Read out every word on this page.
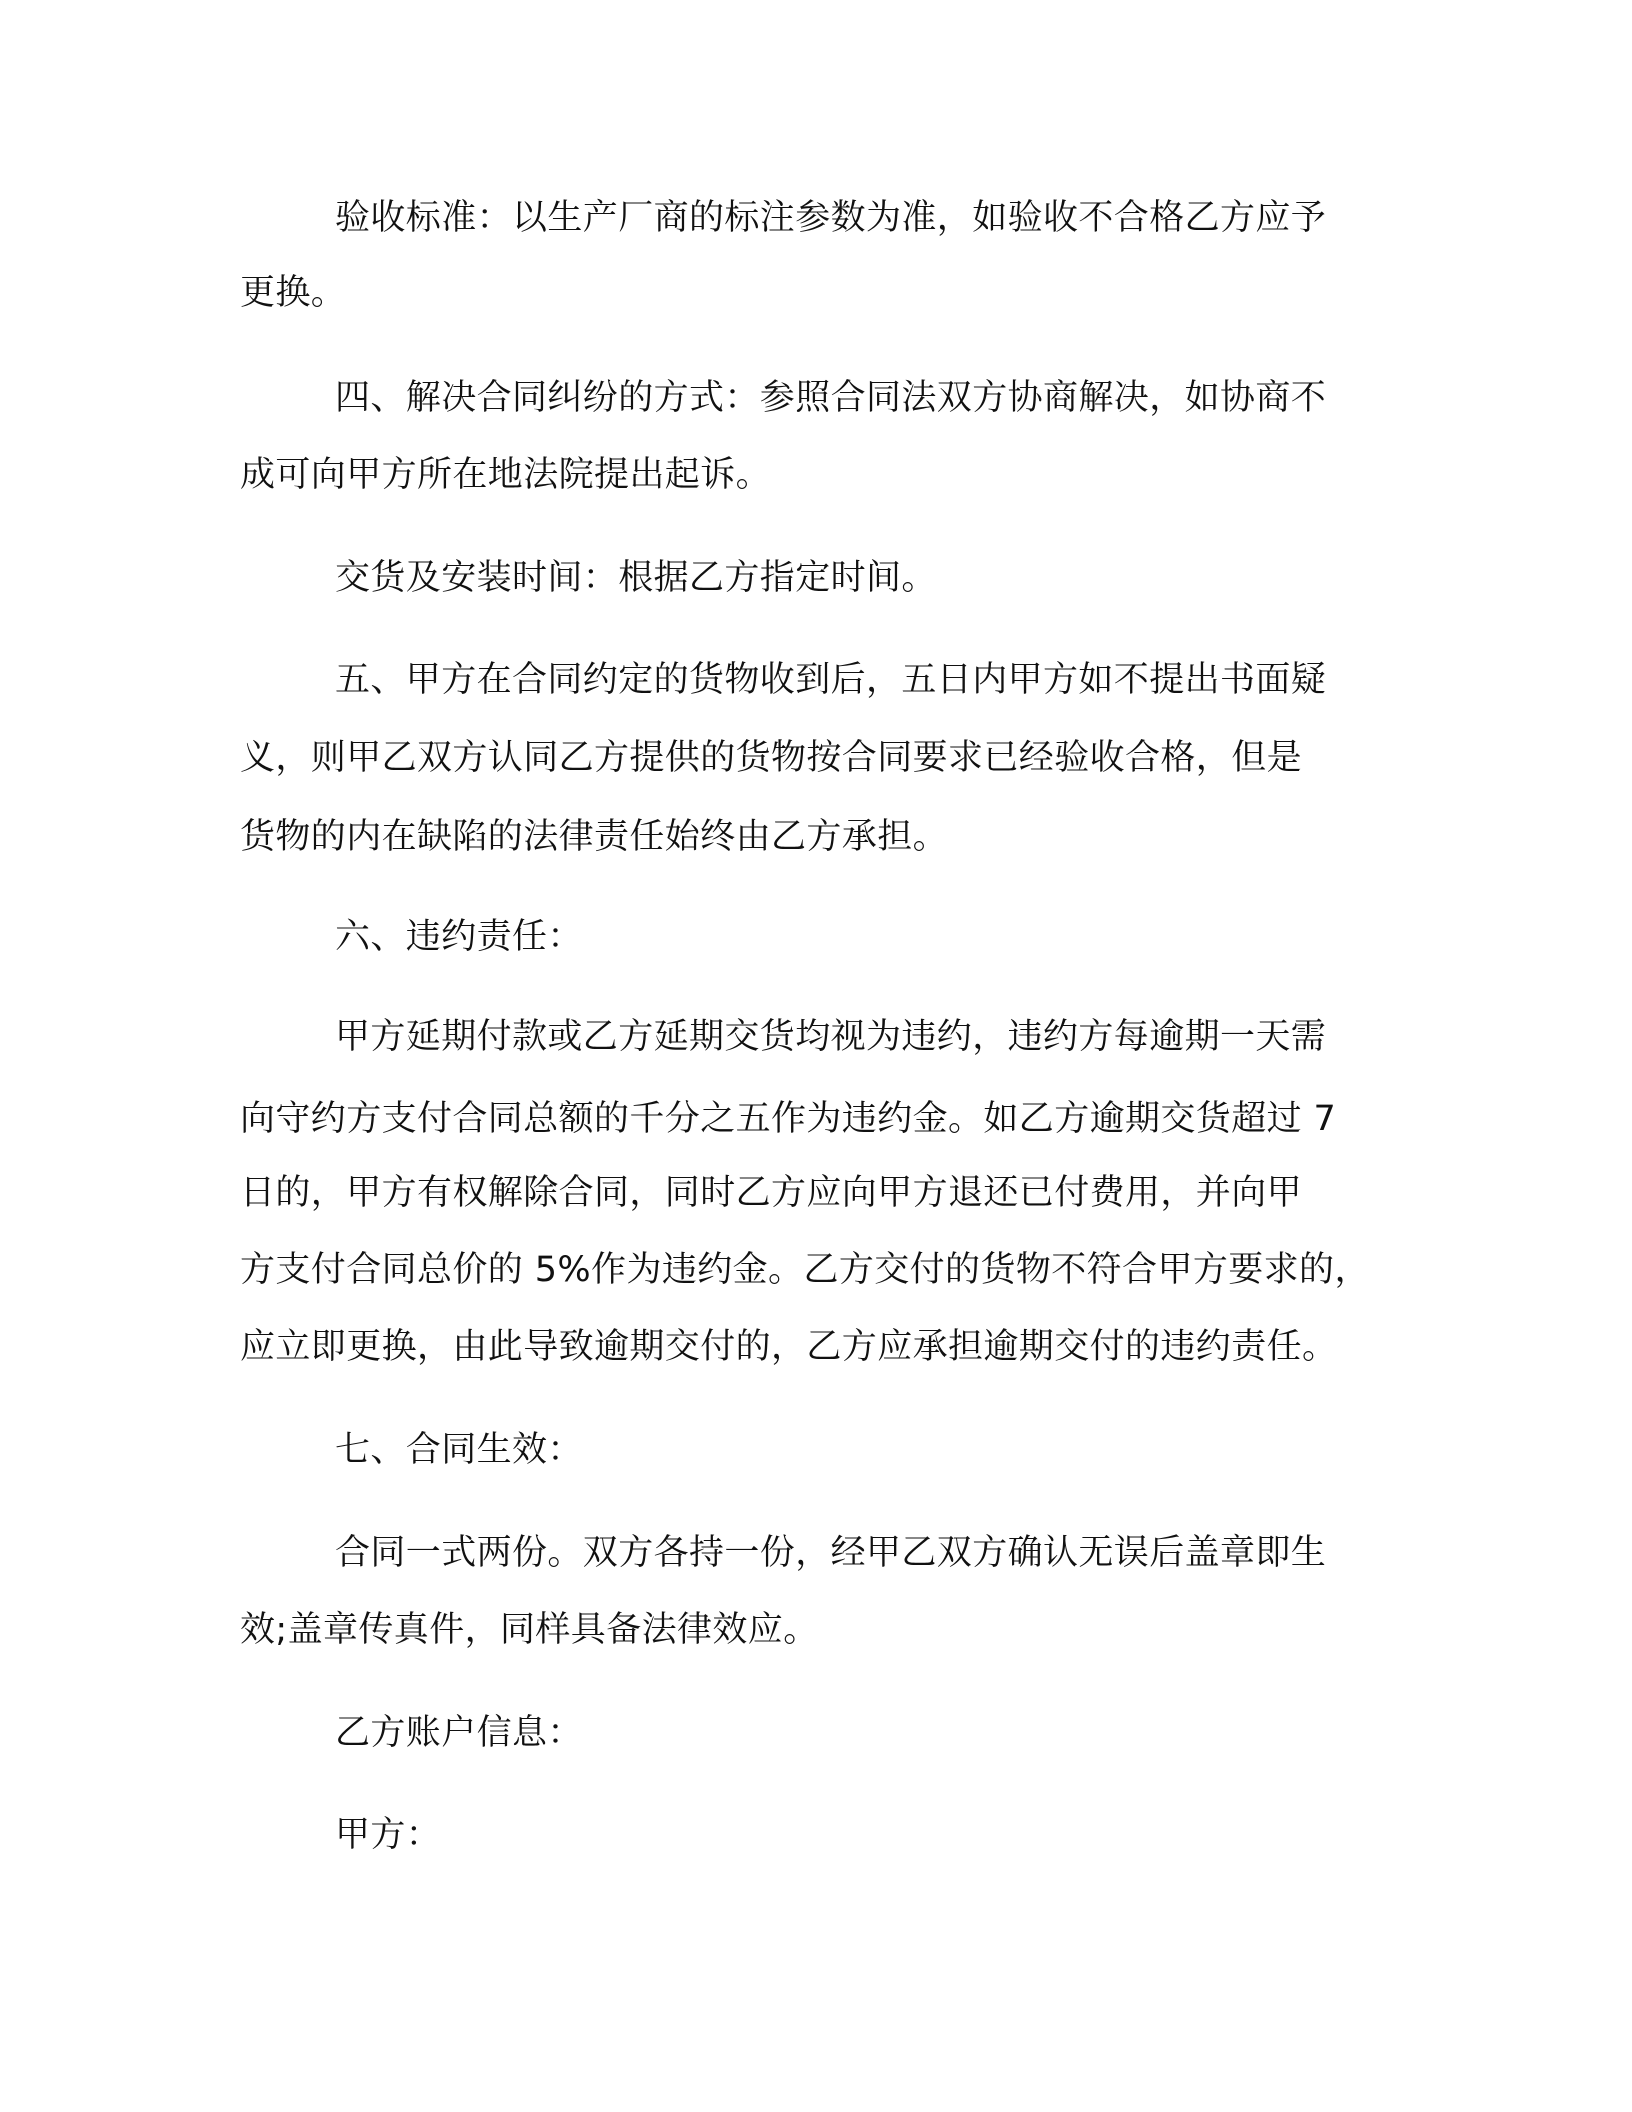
验收标准：以生产厂商的标注参数为准，如验收不合格乙方应予
更换。
四、解决合同纠纷的方式：参照合同法双方协商解决，如协商不
成可向甲方所在地法院提出起诉。
交货及安装时间：根据乙方指定时间。
五、甲方在合同约定的货物收到后，五日内甲方如不提出书面疑
义，则甲乙双方认同乙方提供的货物按合同要求已经验收合格，但是
货物的内在缺陷的法律责任始终由乙方承担。
六、违约责任：
甲方延期付款或乙方延期交货均视为违约，违约方每逾期一天需
向守约方支付合同总额的千分之五作为违约金。如乙方逾期交货超过 7
日的，甲方有权解除合同，同时乙方应向甲方退还已付费用，并向甲
方支付合同总价的 5%作为违约金。乙方交付的货物不符合甲方要求的，
应立即更换，由此导致逾期交付的，乙方应承担逾期交付的违约责任。
七、合同生效：
合同一式两份。双方各持一份，经甲乙双方确认无误后盖章即生
效;盖章传真件，同样具备法律效应。
乙方账户信息：
甲方：
